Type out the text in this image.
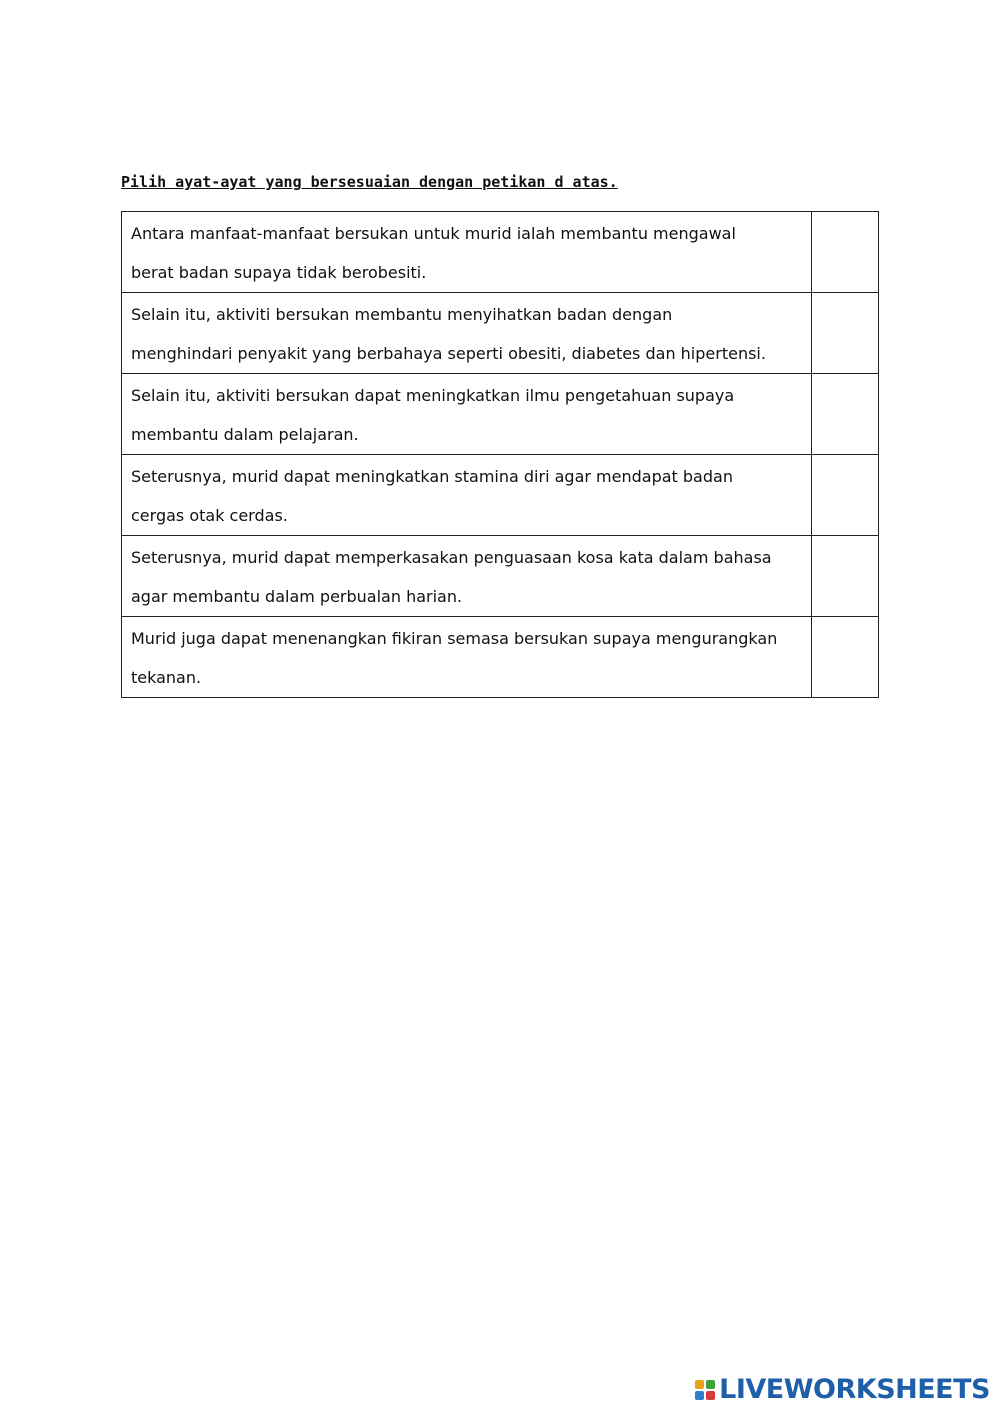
Pilih ayat-ayat yang bersesuaian dengan petikan d atas.
Antara manfaat-manfaat bersukan untuk murid ialah membantu mengawal
berat badan supaya tidak berobesiti.	

Selain itu, aktiviti bersukan membantu menyihatkan badan dengan
menghindari penyakit yang berbahaya seperti obesiti, diabetes dan hipertensi.	

Selain itu, aktiviti bersukan dapat meningkatkan ilmu pengetahuan supaya
membantu dalam pelajaran.	

Seterusnya, murid dapat meningkatkan stamina diri agar mendapat badan
cergas otak cerdas.	

Seterusnya, murid dapat memperkasakan penguasaan kosa kata dalam bahasa
agar membantu dalam perbualan harian.	

Murid juga dapat menenangkan fikiran semasa bersukan supaya mengurangkan
tekanan.	

LIVEWORKSHEETS
